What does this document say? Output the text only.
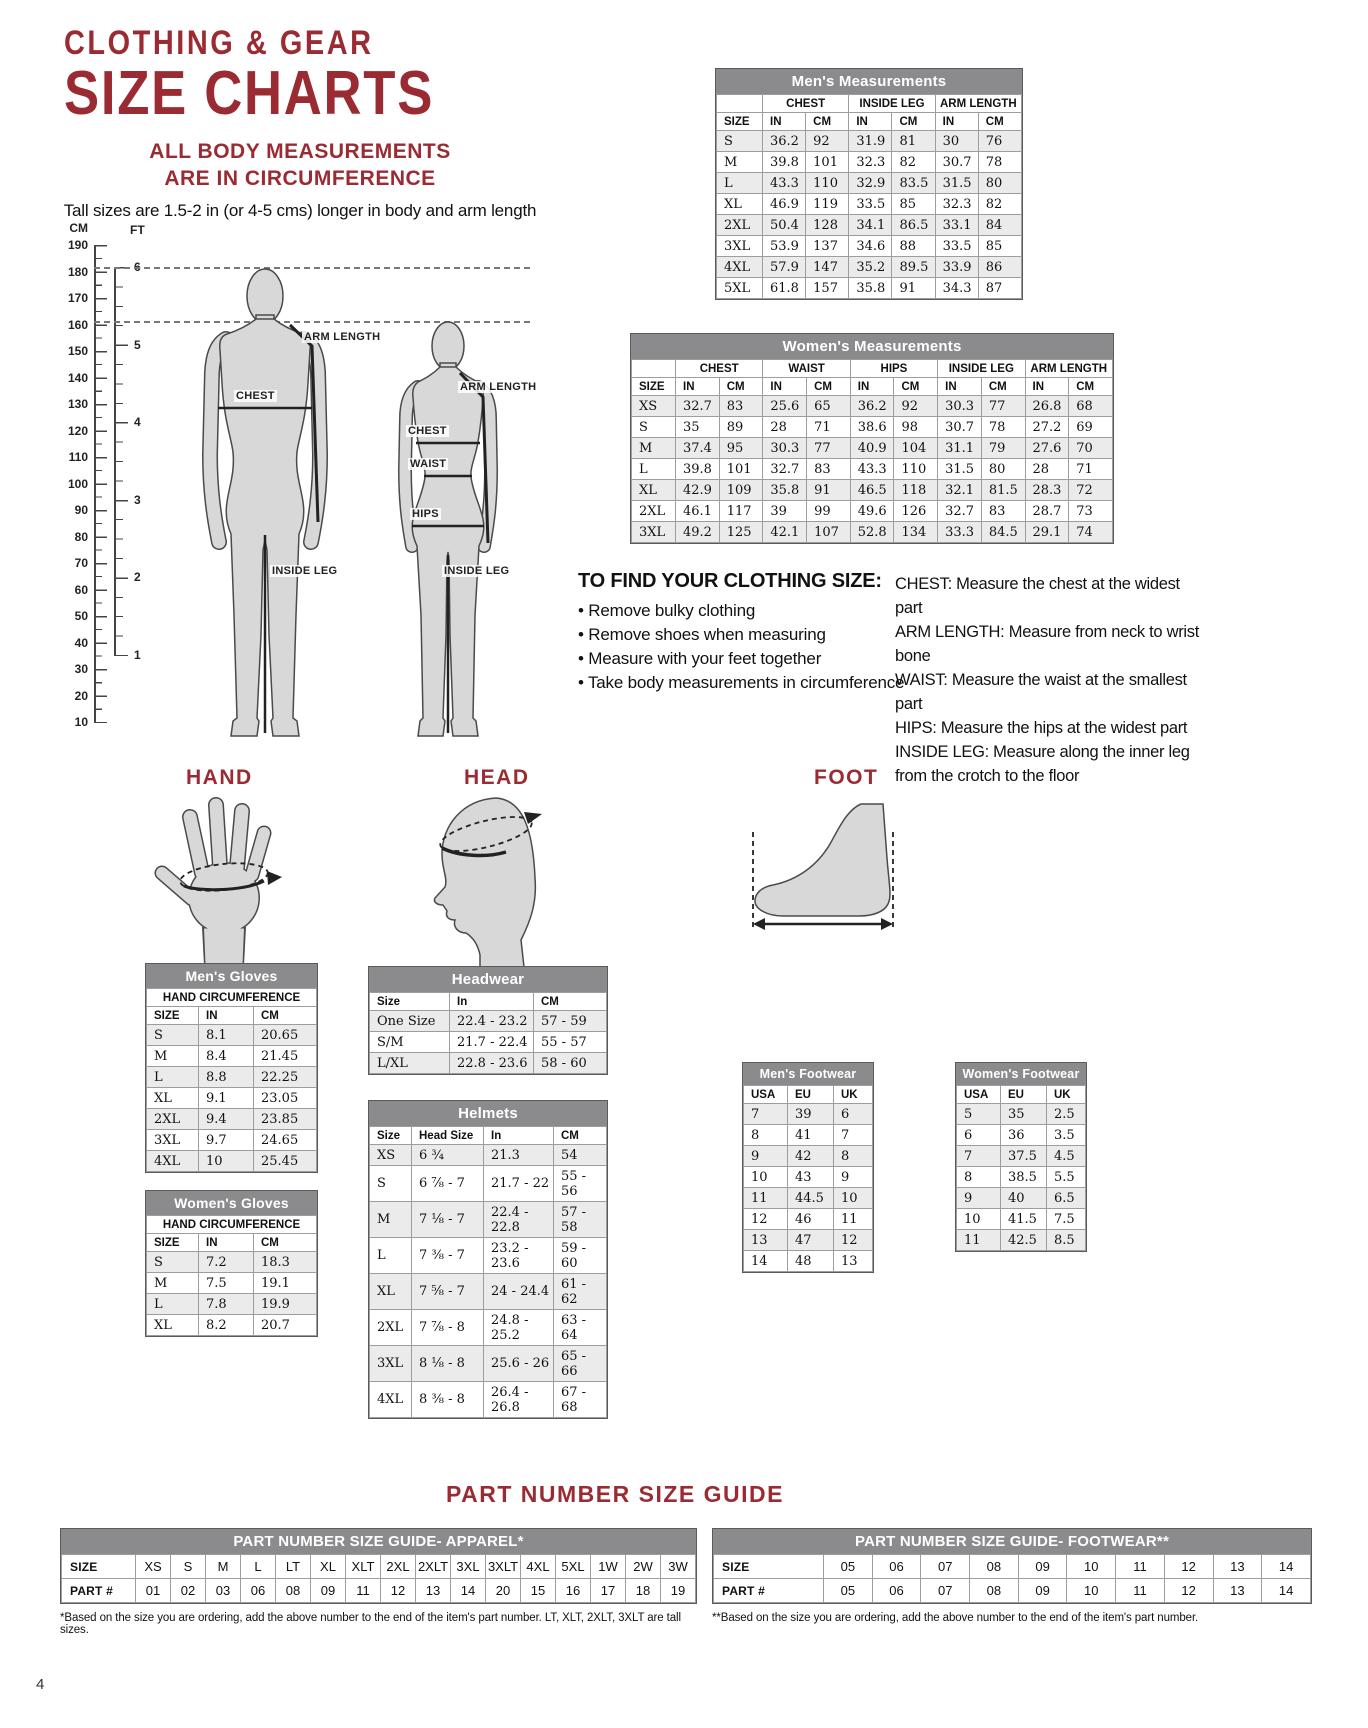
CLOTHING & GEAR
SIZE CHARTS
ALL BODY MEASUREMENTS
ARE IN CIRCUMFERENCE
Tall sizes are 1.5-2 in (or 4-5 cms) longer in body and arm length
CM	FT
190
180
170
160
150
140
130
120
110
100
90
80
70
60
50
40
30
20
10
6
5
4
3
2
1
ARM LENGTH
CHEST
INSIDE LEG
ARM LENGTH
CHEST
WAIST
HIPS
INSIDE LEG
Men's Measurements
	CHEST		INSIDE LEG		ARM LENGTH	
SIZE	IN	CM	IN	CM	IN	CM
S	36.2	92	31.9	81	30	76
M	39.8	101	32.3	82	30.7	78
L	43.3	110	32.9	83.5	31.5	80
XL	46.9	119	33.5	85	32.3	82
2XL	50.4	128	34.1	86.5	33.1	84
3XL	53.9	137	34.6	88	33.5	85
4XL	57.9	147	35.2	89.5	33.9	86
5XL	61.8	157	35.8	91	34.3	87
Women's Measurements
	CHEST		WAIST		HIPS		INSIDE LEG		ARM LENGTH	
SIZE	IN	CM	IN	CM	IN	CM	IN	CM	IN	CM
XS	32.7	83	25.6	65	36.2	92	30.3	77	26.8	68
S	35	89	28	71	38.6	98	30.7	78	27.2	69
M	37.4	95	30.3	77	40.9	104	31.1	79	27.6	70
L	39.8	101	32.7	83	43.3	110	31.5	80	28	71
XL	42.9	109	35.8	91	46.5	118	32.1	81.5	28.3	72
2XL	46.1	117	39	99	49.6	126	32.7	83	28.7	73
3XL	49.2	125	42.1	107	52.8	134	33.3	84.5	29.1	74
TO FIND YOUR CLOTHING SIZE:
• Remove bulky clothing
• Remove shoes when measuring
• Measure with your feet together
• Take body measurements in circumference
CHEST: Measure the chest at the widest part
ARM LENGTH: Measure from neck to wrist bone
WAIST: Measure the waist at the smallest part
HIPS: Measure the hips at the widest part
INSIDE LEG: Measure along the inner leg from the crotch to the floor
HAND	HEAD	FOOT
Men's Gloves
HAND CIRCUMFERENCE		
SIZE	IN	CM
S	8.1	20.65
M	8.4	21.45
L	8.8	22.25
XL	9.1	23.05
2XL	9.4	23.85
3XL	9.7	24.65
4XL	10	25.45
Women's Gloves
HAND CIRCUMFERENCE		
SIZE	IN	CM
S	7.2	18.3
M	7.5	19.1
L	7.8	19.9
XL	8.2	20.7
Headwear
Size	In	CM
One Size	22.4 - 23.2	57 - 59
S/M	21.7 - 22.4	55 - 57
L/XL	22.8 - 23.6	58 - 60
Helmets
Size	Head Size	In	CM
XS	6 ¾	21.3	54
S	6 ⅞ - 7	21.7 - 22	55 - 56
M	7 ⅛ - 7	22.4 - 22.8	57 - 58
L	7 ⅜ - 7	23.2 - 23.6	59 - 60
XL	7 ⅝ - 7	24 - 24.4	61 - 62
2XL	7 ⅞ - 8	24.8 - 25.2	63 - 64
3XL	8 ⅛ - 8	25.6 - 26	65 - 66
4XL	8 ⅜ - 8	26.4 - 26.8	67 - 68
Men's Footwear
USA	EU	UK
7	39	6
8	41	7
9	42	8
10	43	9
11	44.5	10
12	46	11
13	47	12
14	48	13
Women's Footwear
USA	EU	UK
5	35	2.5
6	36	3.5
7	37.5	4.5
8	38.5	5.5
9	40	6.5
10	41.5	7.5
11	42.5	8.5
PART NUMBER SIZE GUIDE
PART NUMBER SIZE GUIDE- APPAREL*
SIZE	XS	S	M	L	LT	XL	XLT	2XL	2XLT	3XL	3XLT	4XL	5XL	1W	2W	3W
PART #	01	02	03	06	08	09	11	12	13	14	20	15	16	17	18	19
*Based on the size you are ordering, add the above number to the end of the item's part number. LT, XLT, 2XLT, 3XLT are tall sizes.
PART NUMBER SIZE GUIDE- FOOTWEAR**
SIZE	05	06	07	08	09	10	11	12	13	14
PART #	05	06	07	08	09	10	11	12	13	14
**Based on the size you are ordering, add the above number to the end of the item's part number.
4
